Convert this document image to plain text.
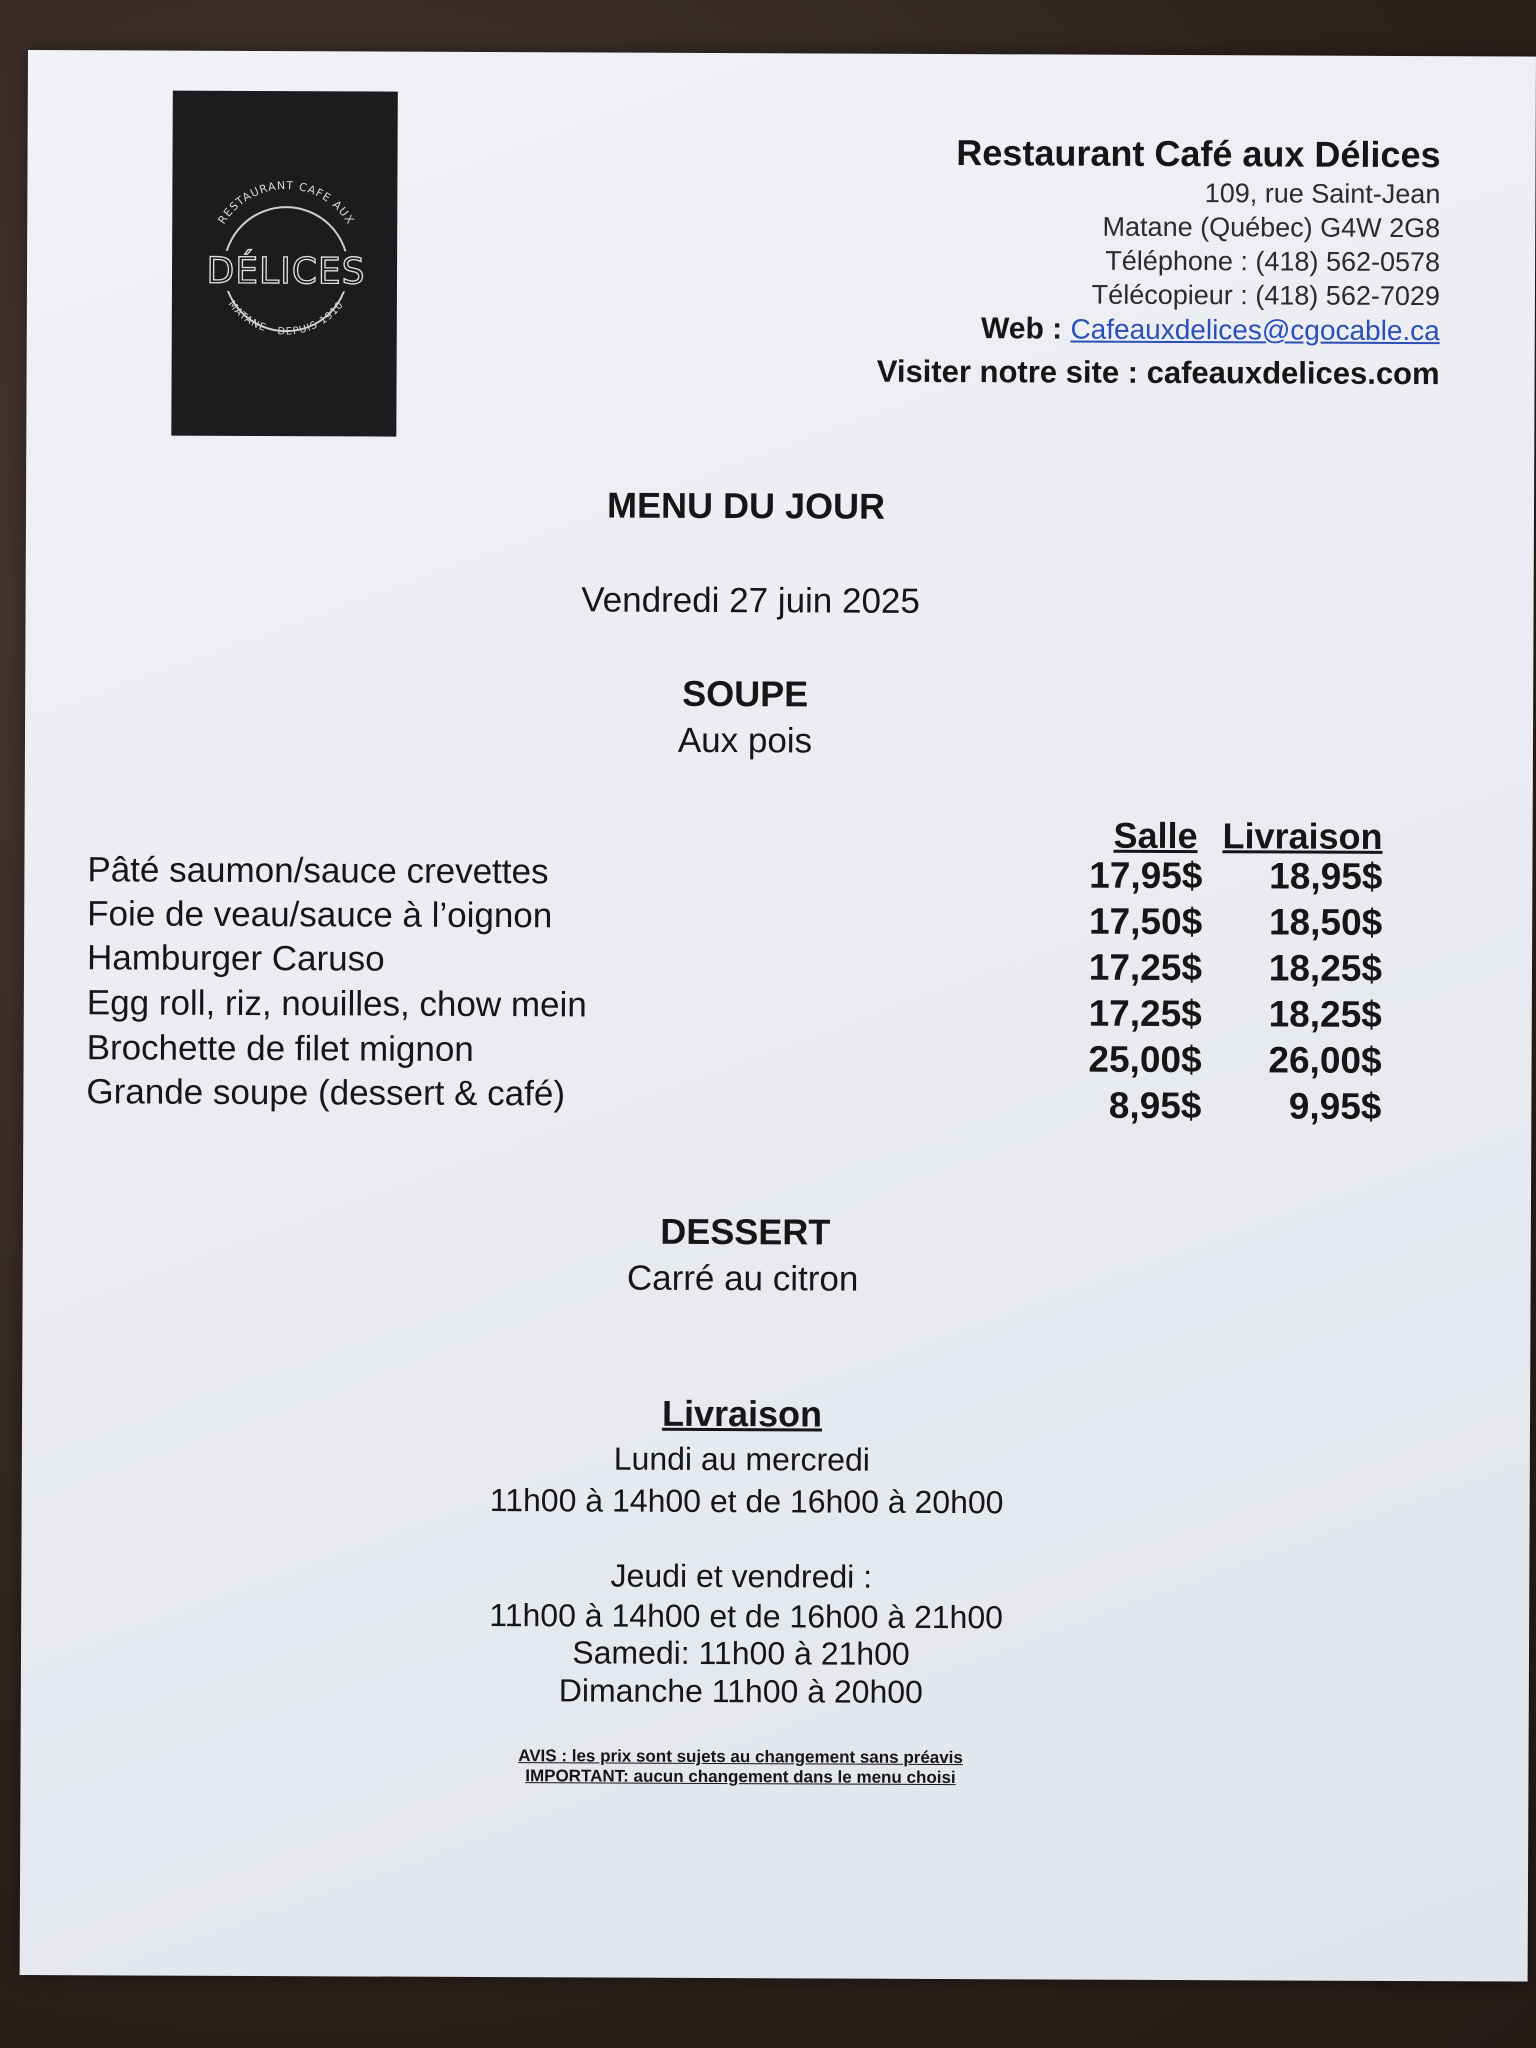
RESTAURANT CAFE AUX
MATANE · DEPUIS 1910
DÉLICES
Restaurant Café aux Délices
109, rue Saint-Jean
Matane (Québec) G4W 2G8
Téléphone : (418) 562-0578
Télécopieur : (418) 562-7029
Web : Cafeauxdelices@cgocable.ca
Visiter notre site : cafeauxdelices.com
MENU DU JOUR
Vendredi 27 juin 2025
SOUPE
Aux pois
Salle Livraison
Pâté saumon/sauce crevettes	17,95$ 18,95$
Foie de veau/sauce à l’oignon	17,50$ 18,50$
Hamburger Caruso	17,25$ 18,25$
Egg roll, riz, nouilles, chow mein	17,25$ 18,25$
Brochette de filet mignon	25,00$ 26,00$
Grande soupe (dessert & café)	8,95$ 9,95$
DESSERT
Carré au citron
Livraison
Lundi au mercredi
11h00 à 14h00 et de 16h00 à 20h00
Jeudi et vendredi :
11h00 à 14h00 et de 16h00 à 21h00
Samedi: 11h00 à 21h00
Dimanche 11h00 à 20h00
AVIS : les prix sont sujets au changement sans préavis
IMPORTANT: aucun changement dans le menu choisi
